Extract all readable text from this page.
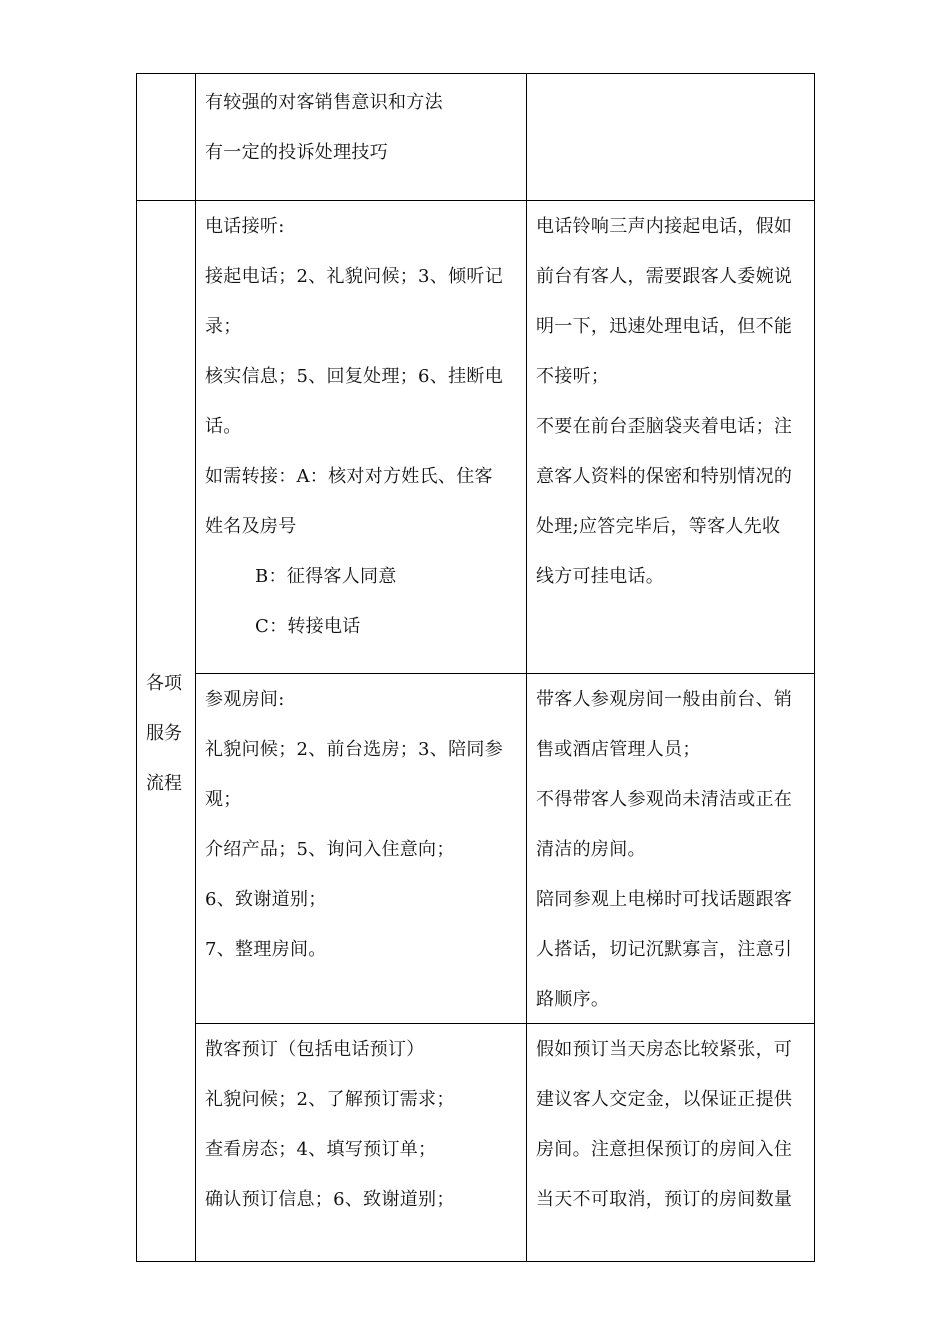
有较强的对客销售意识和方法
有一定的投诉处理技巧
各项
服务
流程
电话接听:
接起电话；2、礼貌问候；3、倾听记
录；
核实信息；5、回复处理；6、挂断电
话。
如需转接：A：核对对方姓氏、住客
姓名及房号
B：征得客人同意
C：转接电话
电话铃响三声内接起电话，假如
前台有客人，需要跟客人委婉说
明一下，迅速处理电话，但不能
不接听；
不要在前台歪脑袋夹着电话；注
意客人资料的保密和特别情况的
处理;应答完毕后，等客人先收
线方可挂电话。
参观房间:
礼貌问候；2、前台选房；3、陪同参
观；
介绍产品；5、询问入住意向；
6、致谢道别；
7、整理房间。
带客人参观房间一般由前台、销
售或酒店管理人员；
不得带客人参观尚未清洁或正在
清洁的房间。
陪同参观上电梯时可找话题跟客
人搭话，切记沉默寡言，注意引
路顺序。
散客预订（包括电话预订）
礼貌问候；2、了解预订需求；
查看房态；4、填写预订单；
确认预订信息；6、致谢道别；
假如预订当天房态比较紧张，可
建议客人交定金，以保证正提供
房间。注意担保预订的房间入住
当天不可取消，预订的房间数量
